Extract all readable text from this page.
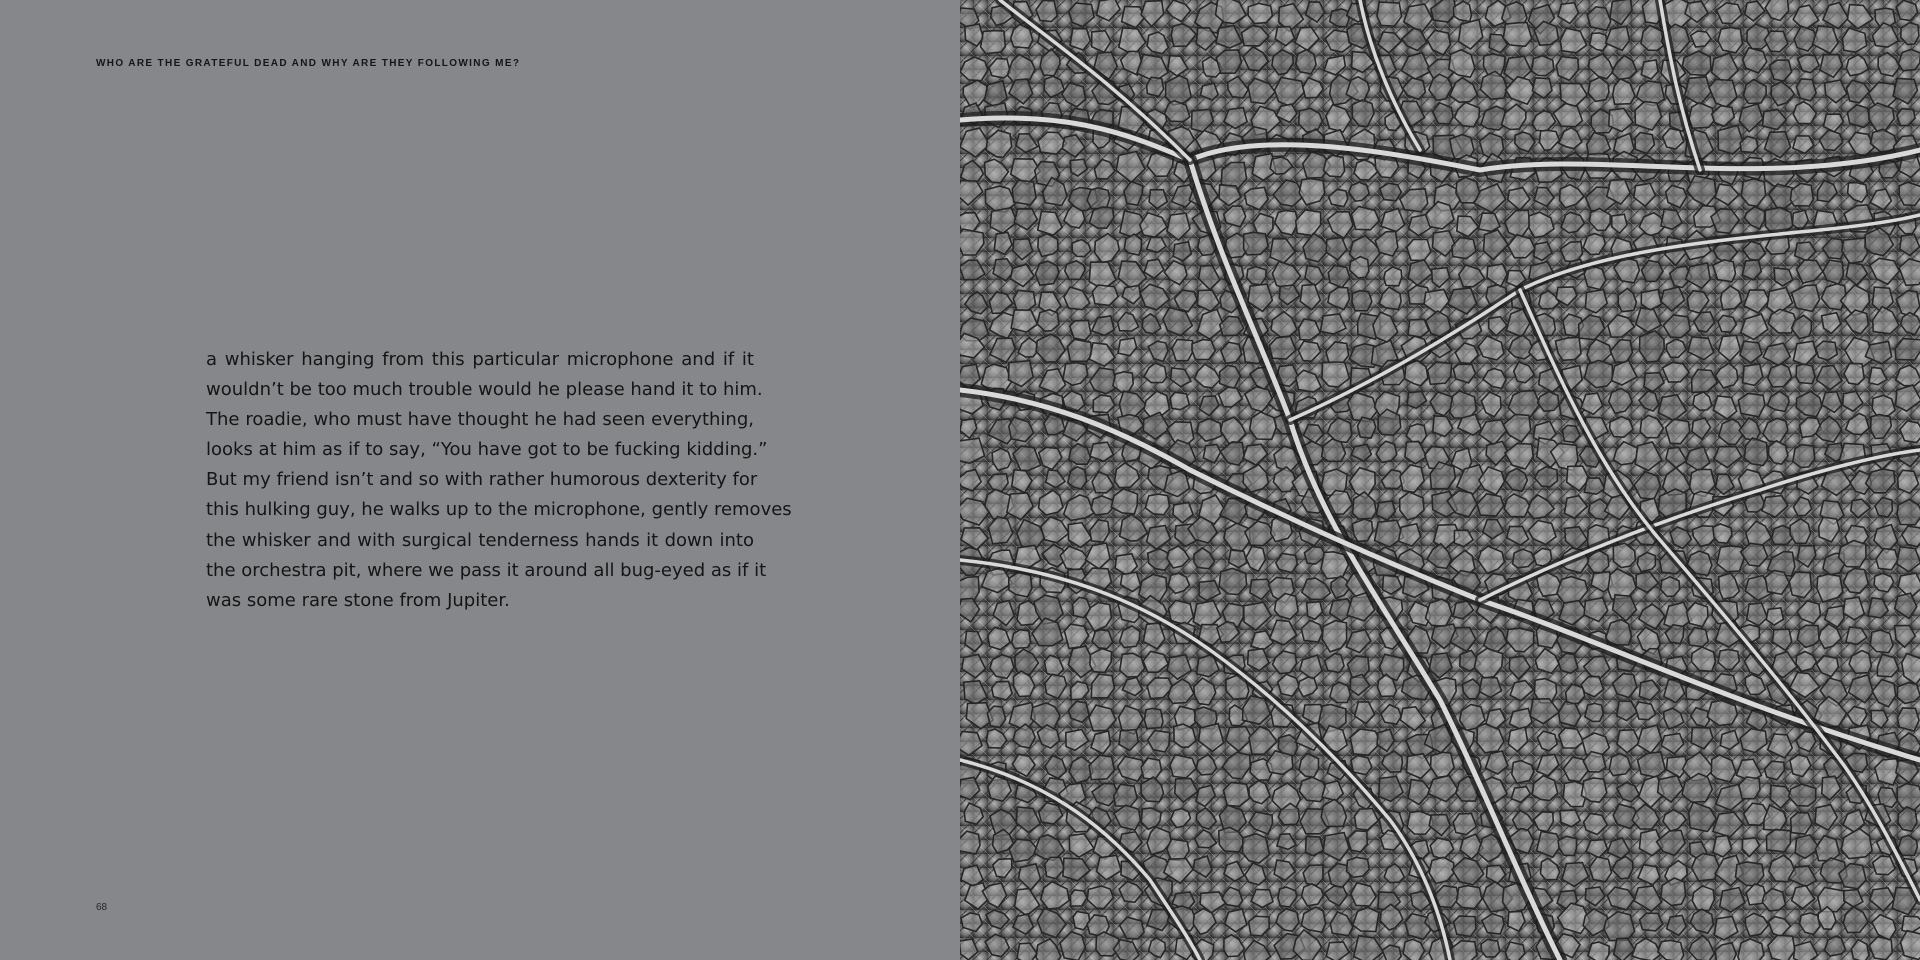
WHO ARE THE GRATEFUL DEAD AND WHY ARE THEY FOLLOWING ME?
a whisker hanging from this particular microphone and if it
wouldn’t be too much trouble would he please hand it to him.
The roadie, who must have thought he had seen everything,
looks at him as if to say, “You have got to be fucking kidding.”
But my friend isn’t and so with rather humorous dexterity for
this hulking guy, he walks up to the microphone, gently removes
the whisker and with surgical tenderness hands it down into
the orchestra pit, where we pass it around all bug-eyed as if it
was some rare stone from Jupiter.
68
